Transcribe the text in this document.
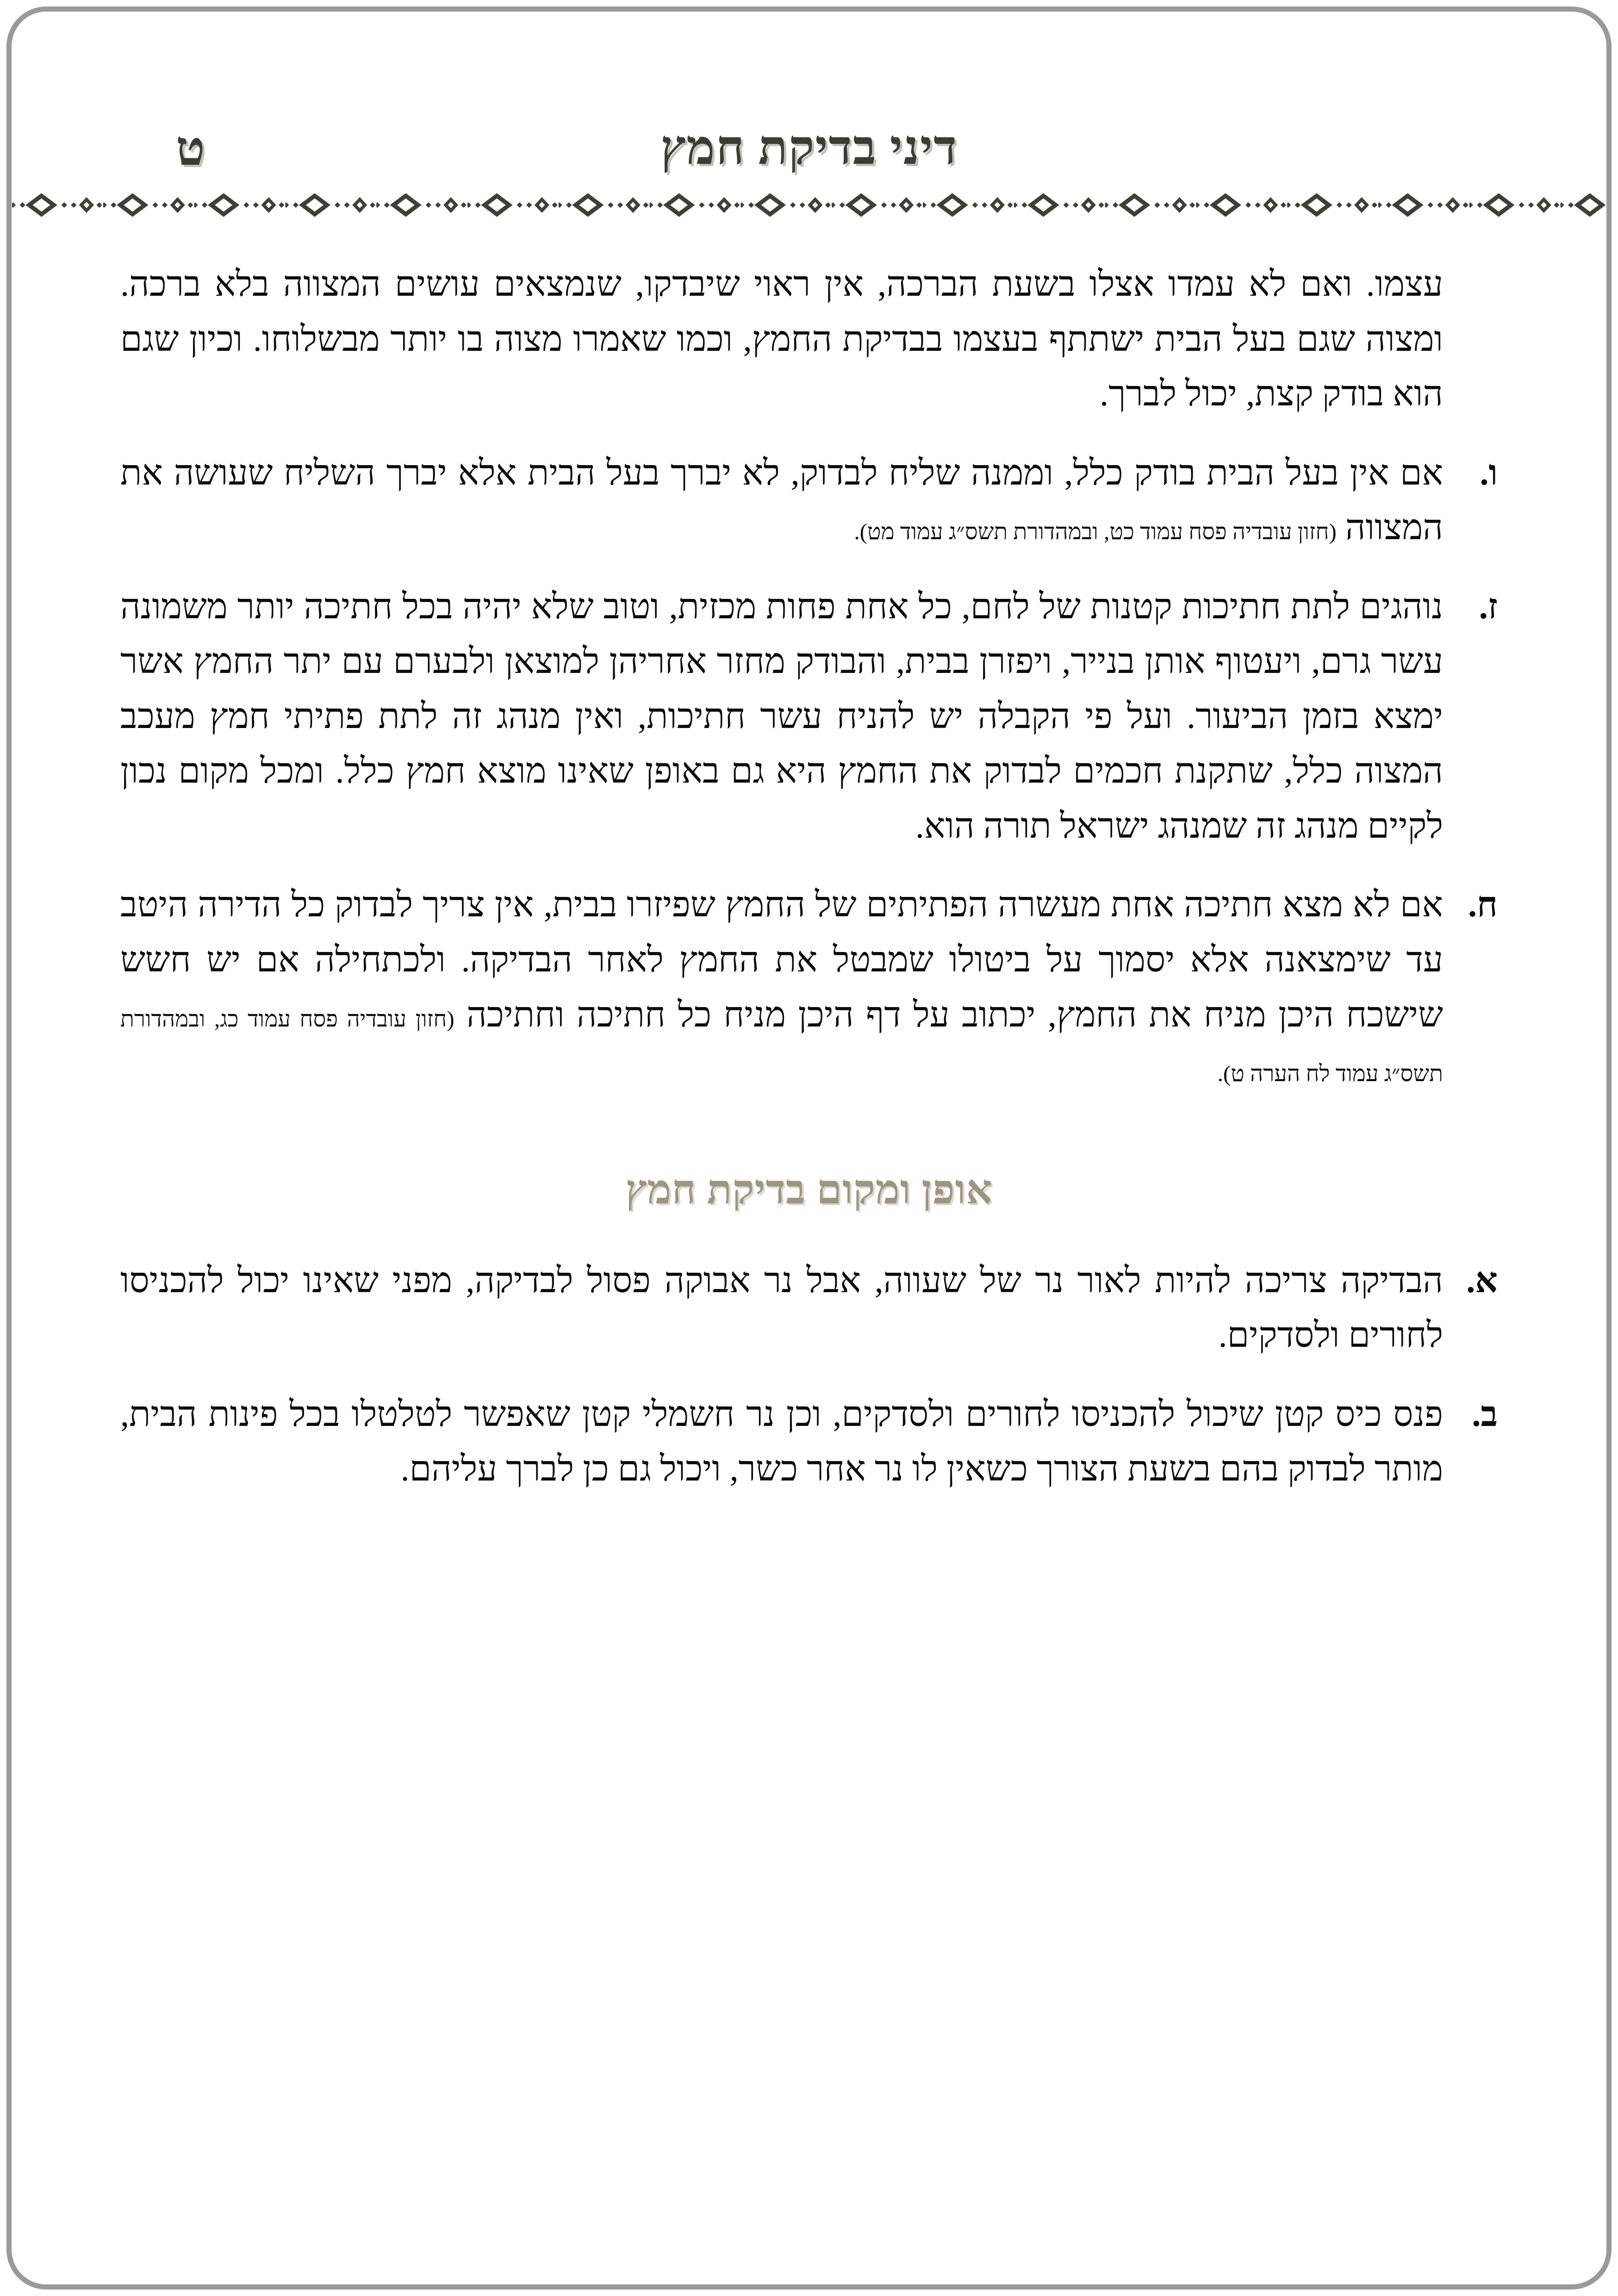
דיני בדיקת חמץ
ט

עצמו. ואם לא עמדו אצלו בשעת הברכה, אין ראוי שיבדקו, שנמצאים עושים המצווה בלא ברכה. ומצוה שגם בעל הבית ישתתף בעצמו בבדיקת החמץ, וכמו שאמרו מצוה בו יותר מבשלוחו. וכיון שגם הוא בודק קצת, יכול לברך.

ו.
אם אין בעל הבית בודק כלל, וממנה שליח לבדוק, לא יברך בעל הבית אלא יברך השליח שעושה את המצווה (חזון עובדיה פסח עמוד כט, ובמהדורת תשס״ג עמוד מט).
ז.
נוהגים לתת חתיכות קטנות של לחם, כל אחת פחות מכזית, וטוב שלא יהיה בכל חתיכה יותר משמונה עשר גרם, ויעטוף אותן בנייר, ויפזרן בבית, והבודק מחזר אחריהן למוצאן ולבערם עם יתר החמץ אשר ימצא בזמן הביעור. ועל פי הקבלה יש להניח עשר חתיכות, ואין מנהג זה לתת פתיתי חמץ מעכב המצוה כלל, שתקנת חכמים לבדוק את החמץ היא גם באופן שאינו מוצא חמץ כלל. ומכל מקום נכון לקיים מנהג זה שמנהג ישראל תורה הוא.
ח.
אם לא מצא חתיכה אחת מעשרה הפתיתים של החמץ שפיזרו בבית, אין צריך לבדוק כל הדירה היטב עד שימצאנה אלא יסמוך על ביטולו שמבטל את החמץ לאחר הבדיקה. ולכתחילה אם יש חשש שישכח היכן מניח את החמץ, יכתוב על דף היכן מניח כל חתיכה וחתיכה (חזון עובדיה פסח עמוד כג, ובמהדורת תשס״ג עמוד לח הערה ט).
אופן ומקום בדיקת חמץ
א.
הבדיקה צריכה להיות לאור נר של שעווה, אבל נר אבוקה פסול לבדיקה, מפני שאינו יכול להכניסו לחורים ולסדקים.
ב.
פנס כיס קטן שיכול להכניסו לחורים ולסדקים, וכן נר חשמלי קטן שאפשר לטלטלו בכל פינות הבית, מותר לבדוק בהם בשעת הצורך כשאין לו נר אחר כשר, ויכול גם כן לברך עליהם.
